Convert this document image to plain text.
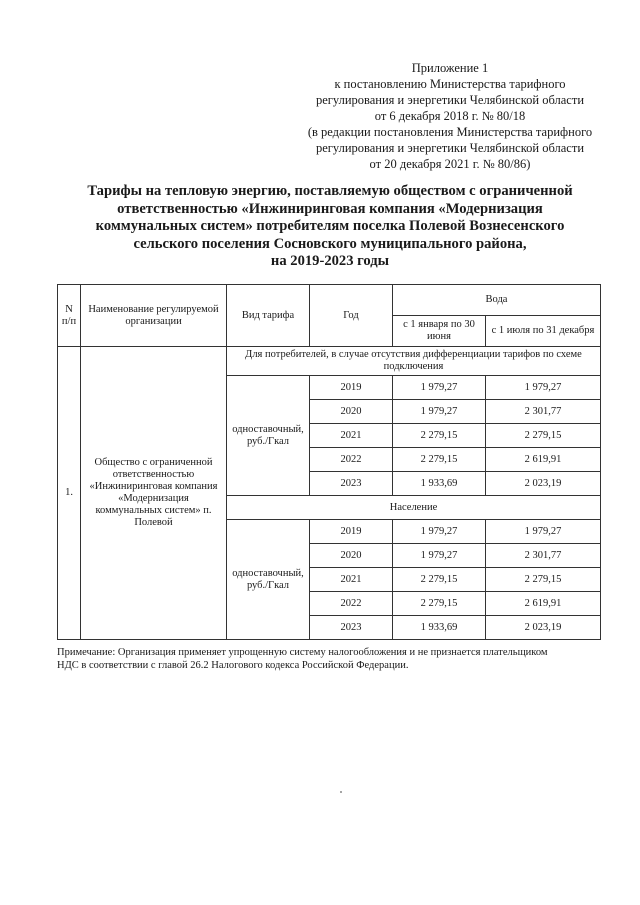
Приложение 1
к постановлению Министерства тарифного
регулирования и энергетики Челябинской области
от 6 декабря 2018 г. № 80/18
(в редакции постановления Министерства тарифного
регулирования и энергетики Челябинской области
от 20 декабря 2021 г. № 80/86)
Тарифы на тепловую энергию, поставляемую обществом с ограниченной
ответственностью «Инжиниринговая компания «Модернизация
коммунальных систем» потребителям поселка Полевой Вознесенского
сельского поселения Сосновского муниципального района,
на 2019-2023 годы
N п/п	Наименование регулируемой организации	Вид тарифа	Год	Вода	
				с 1 января по 30 июня	с 1 июля по 31 декабря
1.	Общество с ограниченной ответственностью «Инжиниринговая компания «Модернизация коммунальных систем» п. Полевой	Для потребителей, в случае отсутствия дифференциации тарифов по схеме подключения			
		одноставочный, руб./Гкал	2019	1 979,27	1 979,27
			2020	1 979,27	2 301,77
			2021	2 279,15	2 279,15
			2022	2 279,15	2 619,91
			2023	1 933,69	2 023,19
		Население			
		одноставочный, руб./Гкал	2019	1 979,27	1 979,27
			2020	1 979,27	2 301,77
			2021	2 279,15	2 279,15
			2022	2 279,15	2 619,91
			2023	1 933,69	2 023,19
Примечание: Организация применяет упрощенную систему налогообложения и не признается плательщиком
НДС в соответствии с главой 26.2 Налогового кодекса Российской Федерации.
